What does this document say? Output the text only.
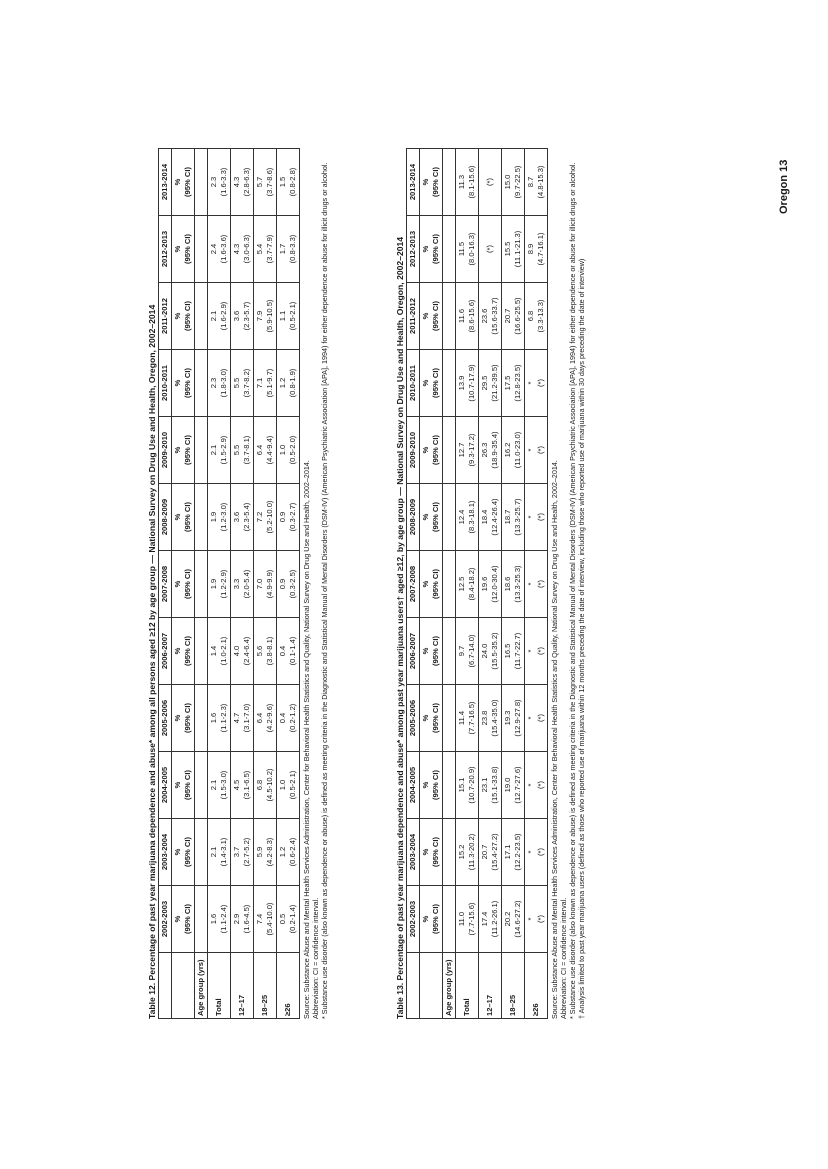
Table 12. Percentage of past year marijuana dependence and abuse* among all persons aged ≥12 by age group — National Survey on Drug Use and Health, Oregon, 2002–2014
	2002-2003	2003-2004	2004-2005	2005-2006	2006-2007	2007-2008	2008-2009	2009-2010	2010-2011	2011-2012	2012-2013	2013-2014

	% (95% CI)	% (95% CI)	% (95% CI)	% (95% CI)	% (95% CI)	% (95% CI)	% (95% CI)	% (95% CI)	% (95% CI)	% (95% CI)	% (95% CI)	% (95% CI)

Age group (yrs)												
Total	1.6 (1.1-2.4)	2.1 (1.4-3.1)	2.1 (1.5-3.0)	1.6 (1.1-2.3)	1.4 (1.0-2.1)	1.9 (1.2-2.9)	1.9 (1.2-3.0)	2.1 (1.5-2.9)	2.3 (1.8-3.0)	2.1 (1.6-2.9)	2.4 (1.6-3.6)	2.3 (1.6-3.3)

12–17	2.9 (1.6-4.5)	3.7 (2.7-5.2)	4.5 (3.1-6.5)	4.7 (3.1-7.0)	4.0 (2.4-6.4)	3.3 (2.0-5.4)	3.6 (2.3-5.4)	5.5 (3.7-8.1)	5.5 (3.7-8.2)	3.6 (2.3-5.7)	4.3 (3.0-6.3)	4.3 (2.8-6.3)

18–25	7.4 (5.4-10.0)	5.9 (4.2-8.3)	6.8 (4.5-10.2)	6.4 (4.2-9.6)	5.6 (3.8-8.1)	7.0 (4.9-9.9)	7.2 (5.2-10.0)	6.4 (4.4-9.4)	7.1 (5.1-9.7)	7.9 (5.9-10.5)	5.4 (3.7-7.9)	5.7 (3.7-8.6)

≥26	0.5 (0.2-1.4)	1.2 (0.6-2.4)	1.0 (0.5-2.1)	0.4 (0.2-1.2)	0.4 (0.1-1.4)	0.9 (0.3-2.5)	0.9 (0.3-2.7)	1.0 (0.5-2.0)	1.2 (0.8-1.9)	1.1 (0.5-2.1)	1.7 (0.8-3.3)	1.5 (0.8-2.8)

Source: Substance Abuse and Mental Health Services Administration, Center for Behavioral Health Statistics and Quality, National Survey on Drug Use and Health, 2002–2014. Abbreviation: CI = confidence interval. * Substance use disorder (also known as dependence or abuse) is defined as meeting criteria in the Diagnostic and Statistical Manual of Mental Disorders (DSM-IV) (American Psychiatric Association [APA], 1994) for either dependence or abuse for illicit drugs or alcohol.	Table 13. Percentage of past year marijuana dependence and abuse* among past year marijuana users† aged ≥12, by age group — National Survey on Drug Use and Health, Oregon, 2002–2014
	2002-2003	2003-2004	2004-2005	2005-2006	2006-2007	2007-2008	2008-2009	2009-2010	2010-2011	2011-2012	2012-2013	2013-2014

	% (95% CI)	% (95% CI)	% (95% CI)	% (95% CI)	% (95% CI)	% (95% CI)	% (95% CI)	% (95% CI)	% (95% CI)	% (95% CI)	% (95% CI)	% (95% CI)

Age group (yrs)												
Total	11.0 (7.7-15.6)	15.2 (11.3-20.2)	15.1 (10.7-20.9)	11.4 (7.7-16.5)	9.7 (6.7-14.0)	12.5 (8.4-18.2)	12.4 (8.3-18.1)	12.7 (9.3-17.2)	13.9 (10.7-17.9)	11.6 (8.6-15.6)	11.5 (8.0-16.3)	11.3 (8.1-15.6)

12–17	17.4 (11.2-26.1)	20.7 (15.4-27.2)	23.1 (15.1-33.8)	23.8 (15.4-35.0)	24.0 (15.5-35.2)	19.6 (12.0-30.4)	18.4 (12.4-26.4)	26.3 (18.9-35.4)	29.5 (21.2-39.5)	23.6 (15.6-33.7)	(*)	(*)

18–25	20.2 (14.6-27.2)	17.1 (12.2-23.5)	19.0 (12.7-27.6)	19.3 (12.9-27.8)	16.5 (11.7-22.7)	18.6 (13.3-25.3)	18.7 (13.3-25.7)	16.2 (11.0-23.0)	17.5 (12.8-23.5)	20.7 (16.6-25.5)	15.5 (11.1-21.3)	15.0 (9.7-22.5)

≥26	* (*)	* (*)	* (*)	* (*)	* (*)	* (*)	* (*)	* (*)	* (*)	6.8 (3.3-13.3)	8.9 (4.7-16.1)	8.7 (4.8-15.3)

Source: Substance Abuse and Mental Health Services Administration, Center for Behavioral Health Statistics and Quality, National Survey on Drug Use and Health, 2002–2014. Abbreviation: CI = confidence interval. * Substance use disorder (also known as dependence or abuse) is defined as meeting criteria in the Diagnostic and Statistical Manual of Mental Disorders (DSM-IV) (American Psychiatric Association [APA], 1994) for either dependence or abuse for illicit drugs or alcohol. † Analysis limited to past year marijuana users (defined as those who reported use of marijuana within 12 months preceding the date of interview, including those who reported use of marijuana within 30 days preceding the date of interview)

Oregon 13
